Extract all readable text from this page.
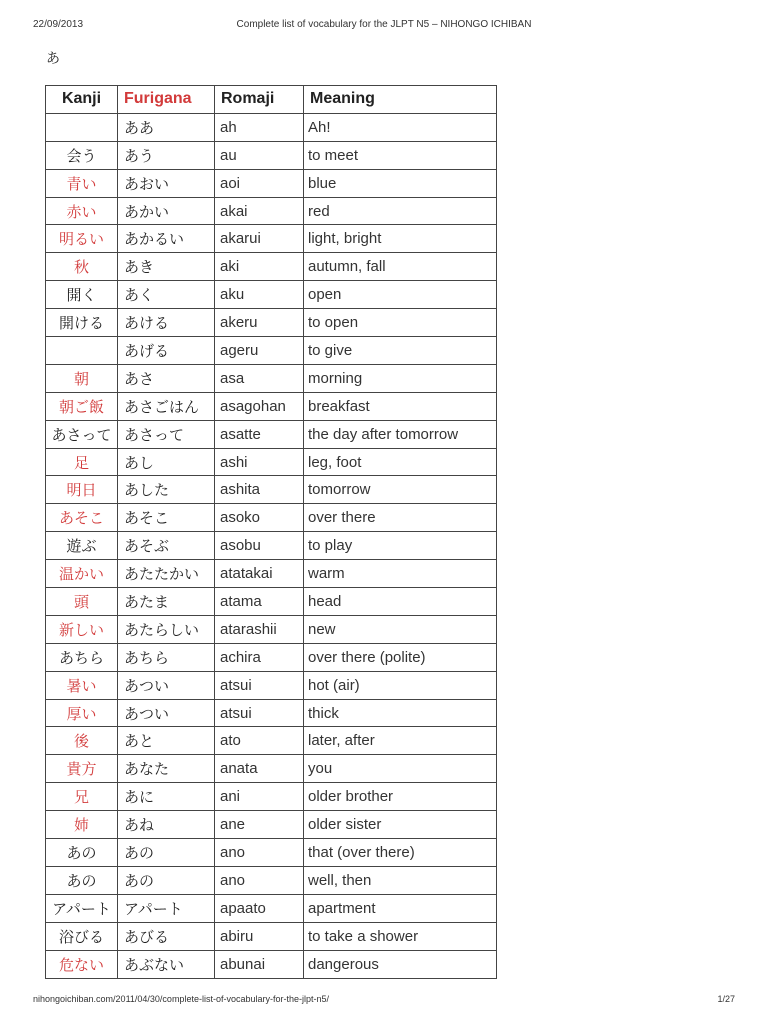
22/09/2013	Complete list of vocabulary for the JLPT N5 – NIHONGO ICHIBAN
あ
Kanji	Furigana	Romaji	Meaning
	ああ	ah	Ah!
会う	あう	au	to meet
青い	あおい	aoi	blue
赤い	あかい	akai	red
明るい	あかるい	akarui	light, bright
秋	あき	aki	autumn, fall
開く	あく	aku	open
開ける	あける	akeru	to open
	あげる	ageru	to give
朝	あさ	asa	morning
朝ご飯	あさごはん	asagohan	breakfast
あさって	あさって	asatte	the day after tomorrow
足	あし	ashi	leg, foot
明日	あした	ashita	tomorrow
あそこ	あそこ	asoko	over there
遊ぶ	あそぶ	asobu	to play
温かい	あたたかい	atatakai	warm
頭	あたま	atama	head
新しい	あたらしい	atarashii	new
あちら	あちら	achira	over there (polite)
暑い	あつい	atsui	hot (air)
厚い	あつい	atsui	thick
後	あと	ato	later, after
貴方	あなた	anata	you
兄	あに	ani	older brother
姉	あね	ane	older sister
あの	あの	ano	that (over there)
あの	あの	ano	well, then
アパート	アパート	apaato	apartment
浴びる	あびる	abiru	to take a shower
危ない	あぶない	abunai	dangerous
nihongoichiban.com/2011/04/30/complete-list-of-vocabulary-for-the-jlpt-n5/	1/27
